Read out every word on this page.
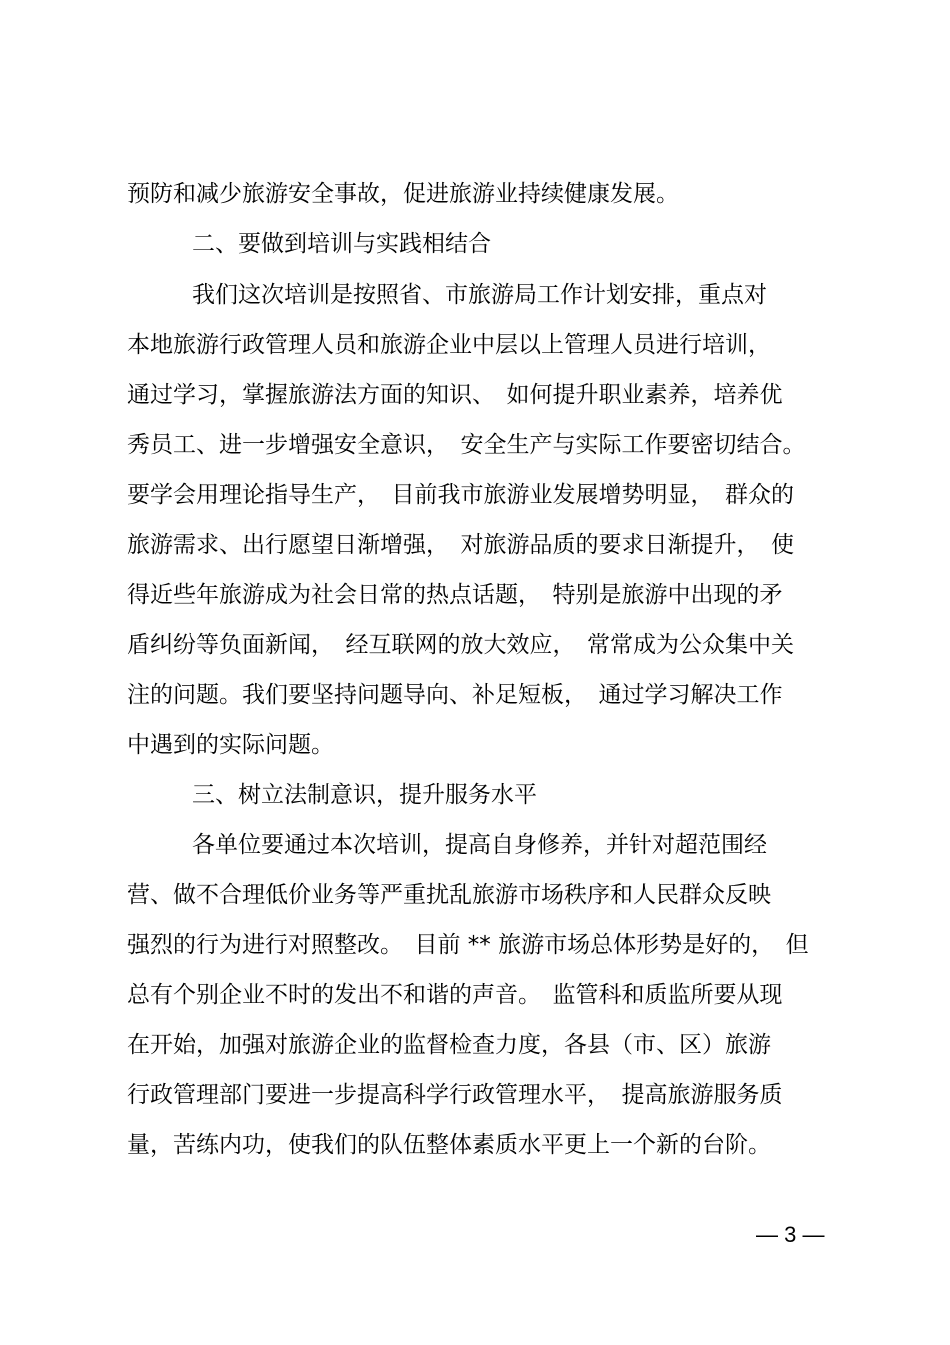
预防和减少旅游安全事故，促进旅游业持续健康发展。
二、要做到培训与实践相结合
我们这次培训是按照省、市旅游局工作计划安排，重点对
本地旅游行政管理人员和旅游企业中层以上管理人员进行培训，
通过学习，掌握旅游法方面的知识、　如何提升职业素养，培养优
秀员工、进一步增强安全意识，　安全生产与实际工作要密切结合。
要学会用理论指导生产，　目前我市旅游业发展增势明显，　群众的
旅游需求、出行愿望日渐增强，　对旅游品质的要求日渐提升，　使
得近些年旅游成为社会日常的热点话题，　特别是旅游中出现的矛
盾纠纷等负面新闻，　经互联网的放大效应，　常常成为公众集中关
注的问题。我们要坚持问题导向、补足短板，　通过学习解决工作
中遇到的实际问题。
三、树立法制意识，提升服务水平
各单位要通过本次培训，提高自身修养，并针对超范围经
营、做不合理低价业务等严重扰乱旅游市场秩序和人民群众反映
强烈的行为进行对照整改。　目前 ** 旅游市场总体形势是好的，　但
总有个别企业不时的发出不和谐的声音。　监管科和质监所要从现
在开始，加强对旅游企业的监督检查力度，各县（市、区）旅游
行政管理部门要进一步提高科学行政管理水平，　提高旅游服务质
量，苦练内功，使我们的队伍整体素质水平更上一个新的台阶。
— 3 —
